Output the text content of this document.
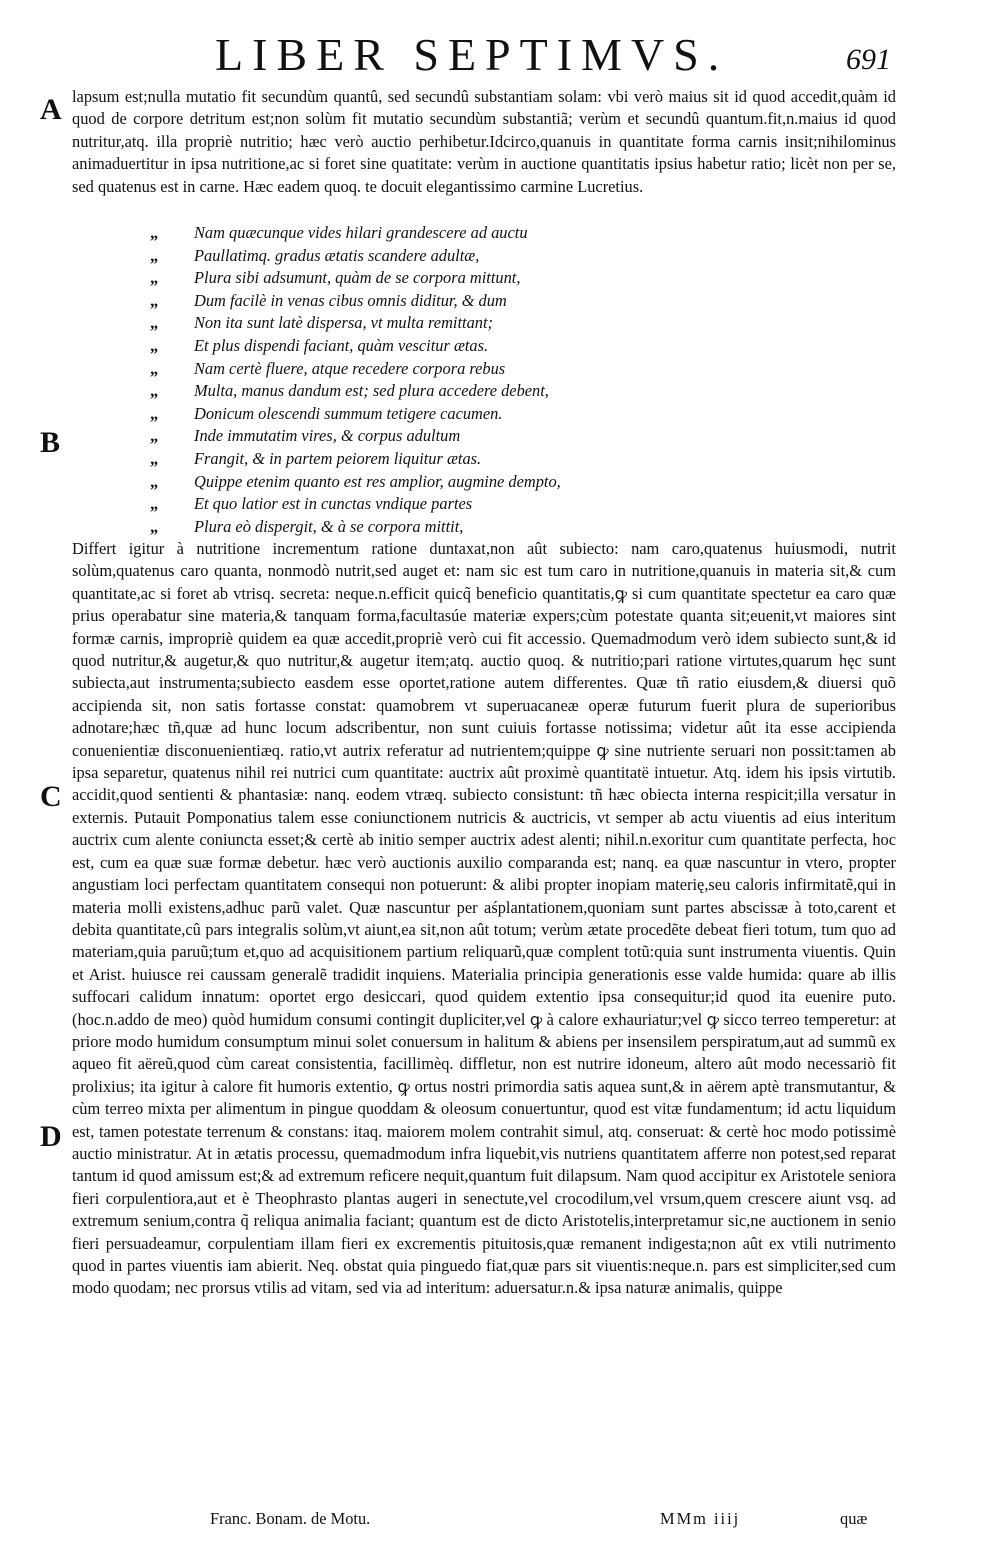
LIBER SEPTIMVS.	691
A
B
C
D

lapsum est;nulla mutatio fit secundùm quantû, sed secundû substantiam solam: vbi verò maius sit id quod accedit,quàm id quod de corpore detritum est;non solùm fit mutatio secundùm substantiã; verùm et secundû quantum.fit,n.maius id quod nutritur,atq. illa propriè nutritio; hæc verò auctio perhibetur.Idcirco,quanuis in quantitate forma carnis insit;nihilominus animaduertitur in ipsa nutritione,ac si foret sine quatitate: verùm in auctione quantitatis ipsius habetur ratio; licèt non per se, sed quatenus est in carne. Hæc eadem quoq. te docuit elegantissimo carmine Lucretius.

„ Nam quæcunque vides hilari grandescere ad auctu
„ Paullatimq. gradus ætatis scandere adultæ,
„ Plura sibi adsumunt, quàm de se corpora mittunt,
„ Dum facilè in venas cibus omnis diditur, & dum
„ Non ita sunt latè dispersa, vt multa remittant;
„ Et plus dispendi faciant, quàm vescitur ætas.
„ Nam certè fluere, atque recedere corpora rebus
„ Multa, manus dandum est; sed plura accedere debent,
„ Donicum olescendi summum tetigere cacumen.
„ Inde immutatim vires, & corpus adultum
„ Frangit, & in partem peiorem liquitur ætas.
„ Quippe etenim quanto est res amplior, augmine dempto,
„ Et quo latior est in cunctas vndique partes
„ Plura eò dispergit, & à se corpora mittit,

Differt igitur à nutritione incrementum ratione duntaxat,non aût subiecto: nam caro,quatenus huiusmodi, nutrit solùm,quatenus caro quanta, nonmodò nutrit,sed auget et: nam sic est tum caro in nutritione,quanuis in materia sit,& cum quantitate,ac si foret ab vtrisq. secreta: neque.n.efficit quicq̃ beneficio quantitatis,ꝙ si cum quantitate spectetur ea caro quæ prius operabatur sine materia,& tanquam forma,facultasúe materiæ expers;cùm potestate quanta sit;euenit,vt maiores sint formæ carnis, impropriè quidem ea quæ accedit,propriè verò cui fit accessio. Quemadmodum verò idem subiecto sunt,& id quod nutritur,& augetur,& quo nutritur,& augetur item;atq. auctio quoq. & nutritio;pari ratione virtutes,quarum hęc sunt subiecta,aut instrumenta;subiecto easdem esse oportet,ratione autem differentes. Quæ tñ ratio eiusdem,& diuersi quõ accipienda sit, non satis fortasse constat: quamobrem vt superuacaneæ operæ futurum fuerit plura de superioribus adnotare;hæc tñ,quæ ad hunc locum adscribentur, non sunt cuiuis fortasse notissima; videtur aût ita esse accipienda conuenientiæ disconuenientiæq. ratio,vt autrix referatur ad nutrientem;quippe ꝙ sine nutriente seruari non possit:tamen ab ipsa separetur, quatenus nihil rei nutrici cum quantitate: auctrix aût proximè quantitatë intuetur. Atq. idem his ipsis virtutib. accidit,quod sentienti & phantasiæ: nanq. eodem vtræq. subiecto consistunt: tñ hæc obiecta interna respicit;illa versatur in externis. Putauit Pomponatius talem esse coniunctionem nutricis & auctricis, vt semper ab actu viuentis ad eius interitum auctrix cum alente coniuncta esset;& certè ab initio semper auctrix adest alenti; nihil.n.exoritur cum quantitate perfecta, hoc est, cum ea quæ suæ formæ debetur. hæc verò auctionis auxilio comparanda est; nanq. ea quæ nascuntur in vtero, propter angustiam loci perfectam quantitatem consequi non potuerunt: & alibi propter inopiam materię,seu caloris infirmitatẽ,qui in materia molli existens,adhuc parũ valet. Quæ nascuntur per aśplantationem,quoniam sunt partes abscissæ à toto,carent et debita quantitate,cû pars integralis solùm,vt aiunt,ea sit,non aût totum; verùm ætate procedẽte debeat fieri totum, tum quo ad materiam,quia paruũ;tum et,quo ad acquisitionem partium reliquarũ,quæ complent totũ:quia sunt instrumenta viuentis. Quin et Arist. huiusce rei caussam generalẽ tradidit inquiens. Materialia principia generationis esse valde humida: quare ab illis suffocari calidum innatum: oportet ergo desiccari, quod quidem extentio ipsa consequitur;id quod ita euenire puto. (hoc.n.addo de meo) quòd humidum consumi contingit dupliciter,vel ꝙ à calore exhauriatur;vel ꝙ sicco terreo temperetur: at priore modo humidum consumptum minui solet conuersum in halitum & abiens per insensilem perspiratum,aut ad summũ ex aqueo fit aëreũ,quod cùm careat consistentia, facillimèq. diffletur, non est nutrire idoneum, altero aût modo necessariò fit prolixius; ita igitur à calore fit humoris extentio, ꝙ ortus nostri primordia satis aquea sunt,& in aërem aptè transmutantur, & cùm terreo mixta per alimentum in pingue quoddam & oleosum conuertuntur, quod est vitæ fundamentum; id actu liquidum est, tamen potestate terrenum & constans: itaq. maiorem molem contrahit simul, atq. conseruat: & certè hoc modo potissimè auctio ministratur. At in ætatis processu, quemadmodum infra liquebit,vis nutriens quantitatem afferre non potest,sed reparat tantum id quod amissum est;& ad extremum reficere nequit,quantum fuit dilapsum. Nam quod accipitur ex Aristotele seniora fieri corpulentiora,aut et è Theophrasto plantas augeri in senectute,vel crocodilum,vel vrsum,quem crescere aiunt vsq. ad extremum senium,contra q̃ reliqua animalia faciant; quantum est de dicto Aristotelis,interpretamur sic,ne auctionem in senio fieri persuadeamur, corpulentiam illam fieri ex excrementis pituitosis,quæ remanent indigesta;non aût ex vtili nutrimento quod in partes viuentis iam abierit. Neq. obstat quia pinguedo fiat,quæ pars sit viuentis:neque.n. pars est simpliciter,sed cum modo quodam; nec prorsus vtilis ad vitam, sed via ad interitum: aduersatur.n.& ipsa naturæ animalis, quippe

Franc. Bonam. de Motu.	MMm iiij	quæ
